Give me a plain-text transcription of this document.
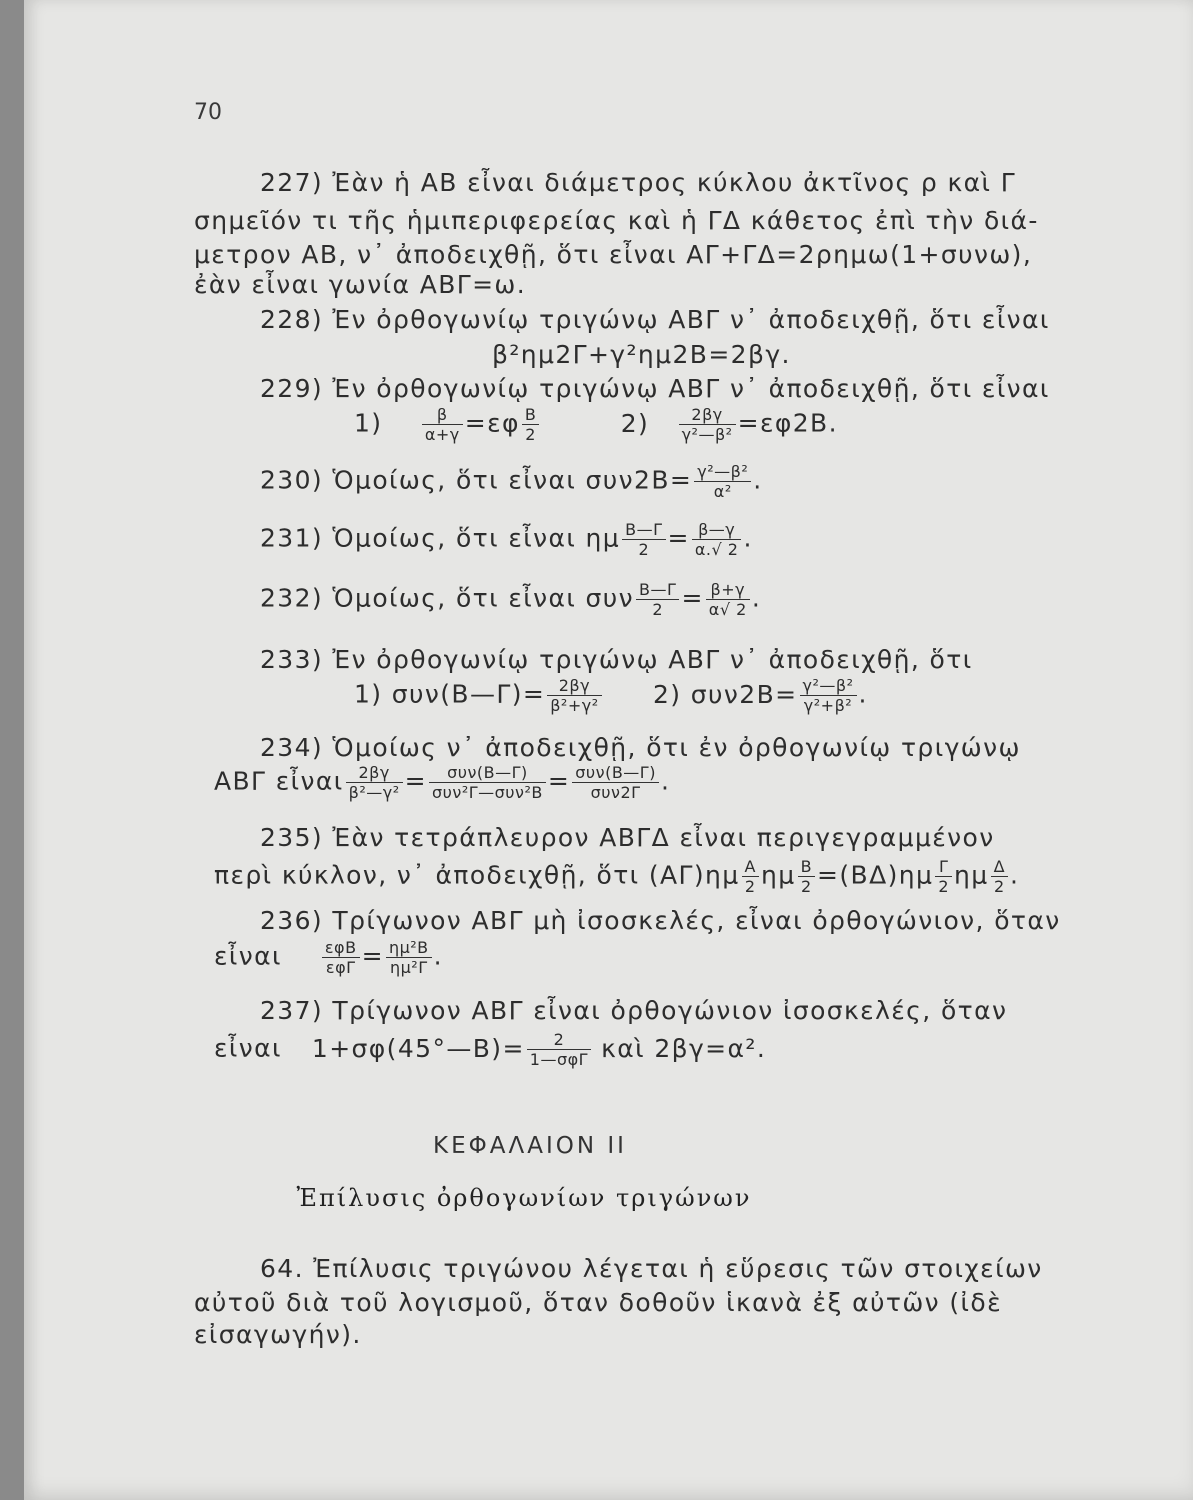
70
227) Ἐὰν ἡ ΑΒ εἶναι διάμετρος κύκλου ἀκτῖνος ρ καὶ Γ
σημεῖόν τι τῆς ἡμιπεριφερείας καὶ ἡ ΓΔ κάθετος ἐπὶ τὴν διά-
μετρον ΑΒ, ν᾽ ἀποδειχθῇ, ὅτι εἶναι ΑΓ+ΓΔ=2ρημω(1+συνω),
ἐὰν εἶναι γωνία ΑΒΓ=ω.
228) Ἐν ὀρθογωνίῳ τριγώνῳ ΑΒΓ ν᾽ ἀποδειχθῇ, ὅτι εἶναι
β²ημ2Γ+γ²ημ2Β=2βγ.
229) Ἐν ὀρθογωνίῳ τριγώνῳ ΑΒΓ ν᾽ ἀποδειχθῇ, ὅτι εἶναι
$1) \frac{\beta}{\alpha+\gamma} =\varepsilon\varphi \frac{B}{2}$	$2) \frac{2\beta\gamma}{\text{γ²—β²}} =\varepsilon\varphi 2B$.
230) Ὁμοίως, ὅτι εἶναι $\sigma\upsilon\nu 2B= \frac{\text{γ²—β²}}{\text{α²}}$ .
231) Ὁμοίως, ὅτι εἶναι ημ $\frac{B—\Gamma}{2} = \frac{\beta—\gamma}{\alpha.√ 2}$ .
232) Ὁμοίως, ὅτι εἶναι συν $\frac{B—\Gamma}{2} = \frac{\beta+\gamma}{\alpha√ 2}$ .
233) Ἐν ὀρθογωνίῳ τριγώνῳ ΑΒΓ ν᾽ ἀποδειχθῇ, ὅτι
1) συν(Β—Γ)= $\frac{2\beta\gamma}{\text{β²+γ²}} 2$) $\sigma\upsilon\nu 2B= \frac{\text{γ²—β²}}{\text{γ²+β²}}$ .
234) Ὁμοίως ν᾽ ἀποδειχθῇ, ὅτι ἐν ὀρθογωνίῳ τριγώνῳ
ΑΒΓ εἶναι $\frac{2\beta\gamma}{\text{β²—γ²}} = \frac{\text{συν(Β—Γ)}}{\text{συν²Γ—συν²Β}} = \frac{\text{συν(Β—Γ)}}{\text{συν2Γ}}$ .
235) Ἐὰν τετράπλευρον ΑΒΓΔ εἶναι περιγεγραμμένον
περὶ κύκλον, ν᾽ ἀποδειχθῇ, ὅτι $(A\Gamma)\eta\mu \frac{A}{2}$ ημ $\frac{B}{2} =(B\Delta)\eta\mu \frac{\Gamma}{2}$ ημ $\frac{\Delta}{2}$ .
236) Τρίγωνον ΑΒΓ μὴ ἰσοσκελές, εἶναι ὀρθογώνιον, ὅταν
εἶναι	$\frac{\text{εφΒ}}{\text{εφΓ}} = \frac{\text{ημ²Β}}{\text{ημ²Γ}}$ .
237) Τρίγωνον ΑΒΓ εἶναι ὀρθογώνιον ἰσοσκελές, ὅταν
εἶναι 1+σφ(45°—Β)= $\frac{2}{\text{1—σφΓ}}$ καὶ 2βγ=α².
ΚΕΦΑΛΑΙΟΝ ΙΙ
Ἐπίλυσις ὀρθογωνίων τριγώνων
64. Ἐπίλυσις τριγώνου λέγεται ἡ εὕρεσις τῶν στοιχείων
αὐτοῦ διὰ τοῦ λογισμοῦ, ὅταν δοθοῦν ἱκανὰ ἐξ αὐτῶν (ἰδὲ
εἰσαγωγήν).
